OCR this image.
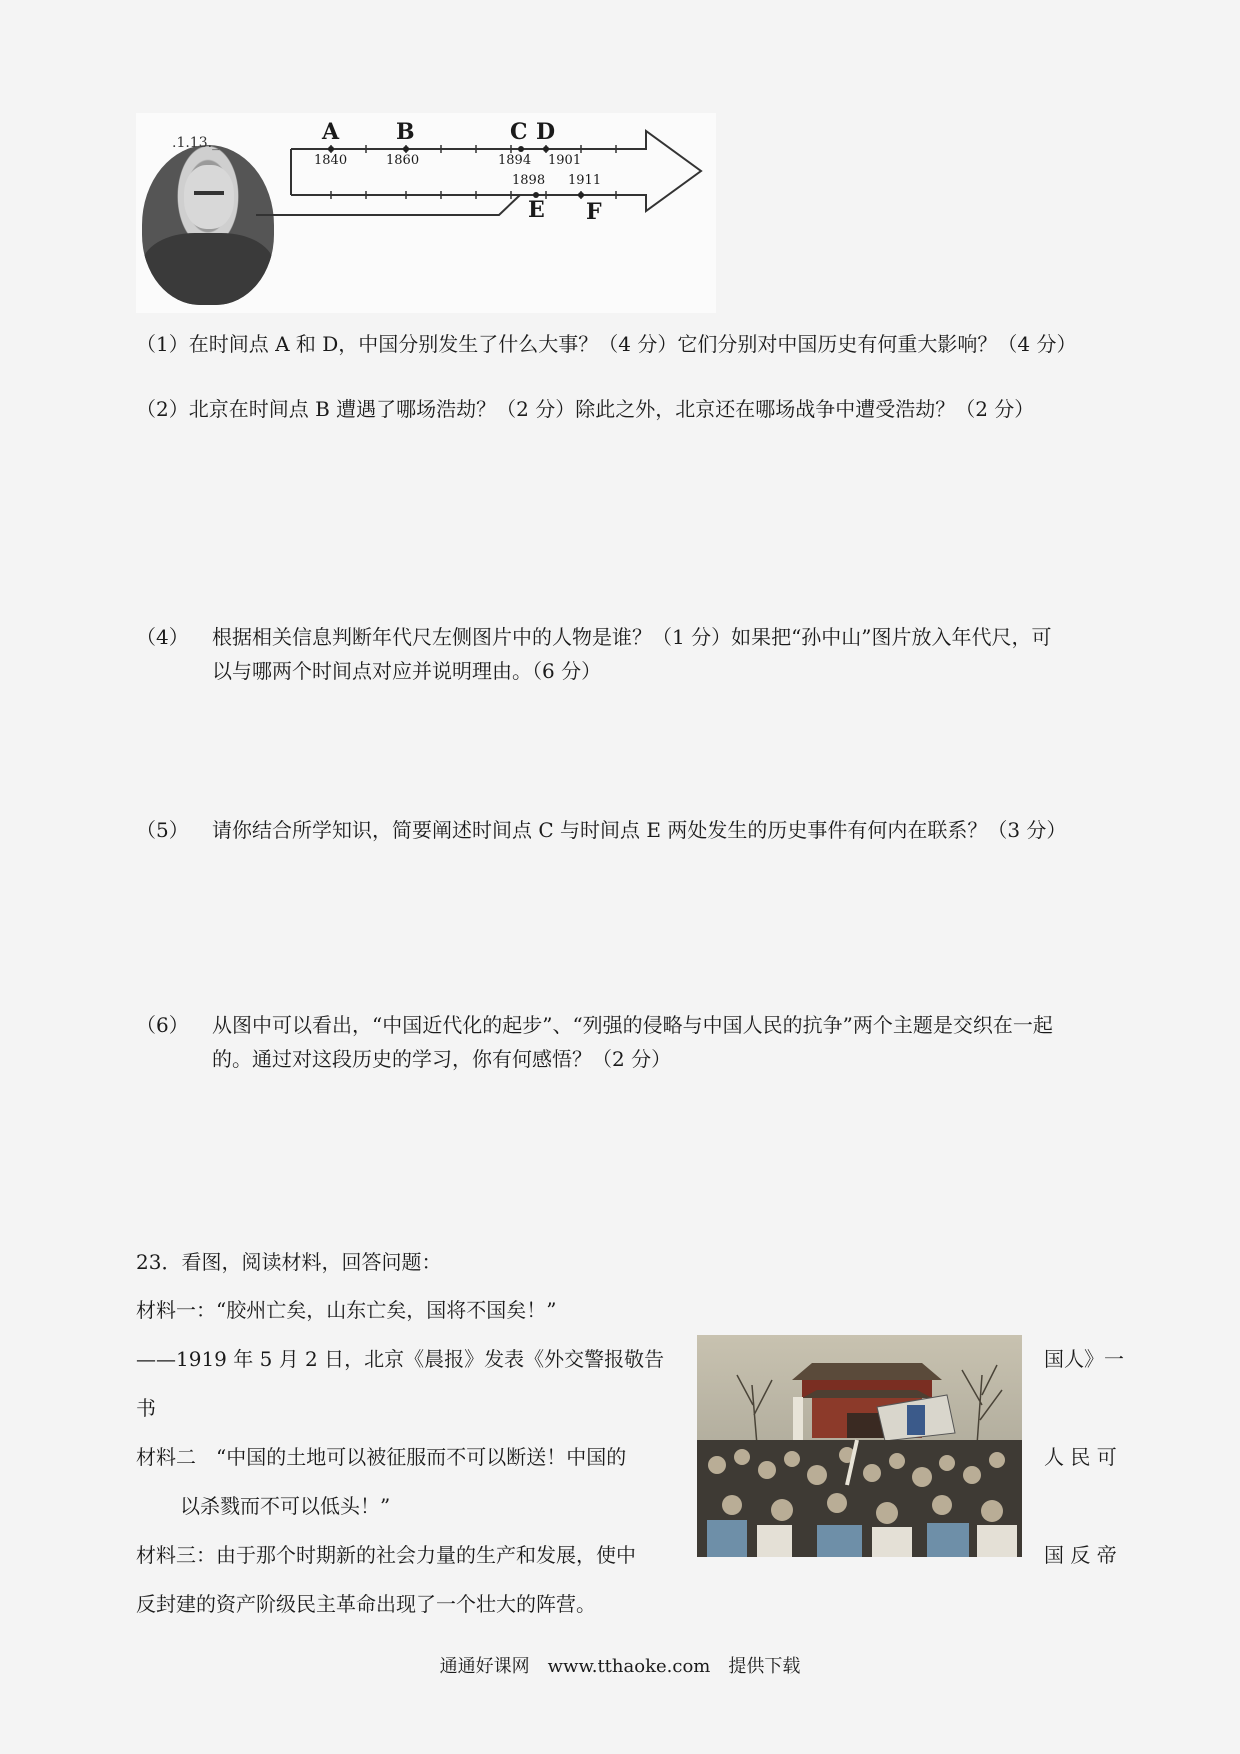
.1.13._	A
1840
B
1860
C
1894
D
1901
1898
E
1911
F
（1）在时间点 A 和 D，中国分别发生了什么大事？（4 分）它们分别对中国历史有何重大影响？（4 分）
（2）北京在时间点 B 遭遇了哪场浩劫？（2 分）除此之外，北京还在哪场战争中遭受浩劫？（2 分）
（4） 根据相关信息判断年代尺左侧图片中的人物是谁？（1 分）如果把“孙中山”图片放入年代尺，可
以与哪两个时间点对应并说明理由。（6 分）
（5） 请你结合所学知识，简要阐述时间点 C 与时间点 E 两处发生的历史事件有何内在联系？（3 分）
（6） 从图中可以看出，“中国近代化的起步”、“列强的侵略与中国人民的抗争”两个主题是交织在一起
的。通过对这段历史的学习，你有何感悟？（2 分）
23．看图，阅读材料，回答问题：
材料一：“胶州亡矣，山东亡矣，国将不国矣！”
——1919 年 5 月 2 日，北京《晨报》发表《外交警报敬告	国人》一
书
材料二　“中国的土地可以被征服而不可以断送！中国的	人 民 可
以杀戮而不可以低头！”
材料三：由于那个时期新的社会力量的生产和发展，使中	国 反 帝
反封建的资产阶级民主革命出现了一个壮大的阵营。
通通好课网　www.tthaoke.com　提供下载
